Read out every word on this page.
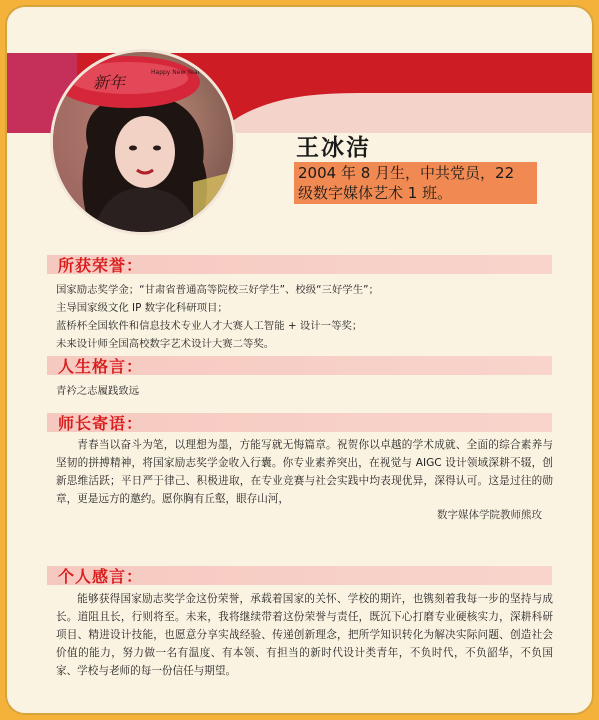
新年
Happy New Year
王冰洁
2004 年 8 月生，中共党员，22 级数字媒体艺术 1 班。
所获荣誉：
国家励志奖学金；“甘肃省普通高等院校三好学生”、校级“三好学生”；
主导国家级文化 IP 数字化科研项目；
蓝桥杯全国软件和信息技术专业人才大赛人工智能 + 设计一等奖；
未来设计师全国高校数字艺术设计大赛二等奖。
人生格言：
青衿之志履践致远
师长寄语：
青春当以奋斗为笔，以理想为墨，方能写就无悔篇章。祝贺你以卓越的学术成就、全面的综合素养与坚韧的拼搏精神，将国家励志奖学金收入行囊。你专业素养突出，在视觉与 AIGC 设计领域深耕不辍，创新思维活跃；平日严于律己、积极进取，在专业竞赛与社会实践中均表现优异，深得认可。这是过往的勋章，更是远方的邀约。愿你胸有丘壑，眼存山河，
数字媒体学院教师熊玫
个人感言：
能够获得国家励志奖学金这份荣誉，承载着国家的关怀、学校的期许，也镌刻着我每一步的坚持与成长。道阻且长，行则将至。未来，我将继续带着这份荣誉与责任，既沉下心打磨专业硬核实力，深耕科研项目、精进设计技能，也愿意分享实战经验、传递创新理念，把所学知识转化为解决实际问题、创造社会价值的能力，努力做一名有温度、有本领、有担当的新时代设计类青年，不负时代，不负韶华，不负国家、学校与老师的每一份信任与期望。
